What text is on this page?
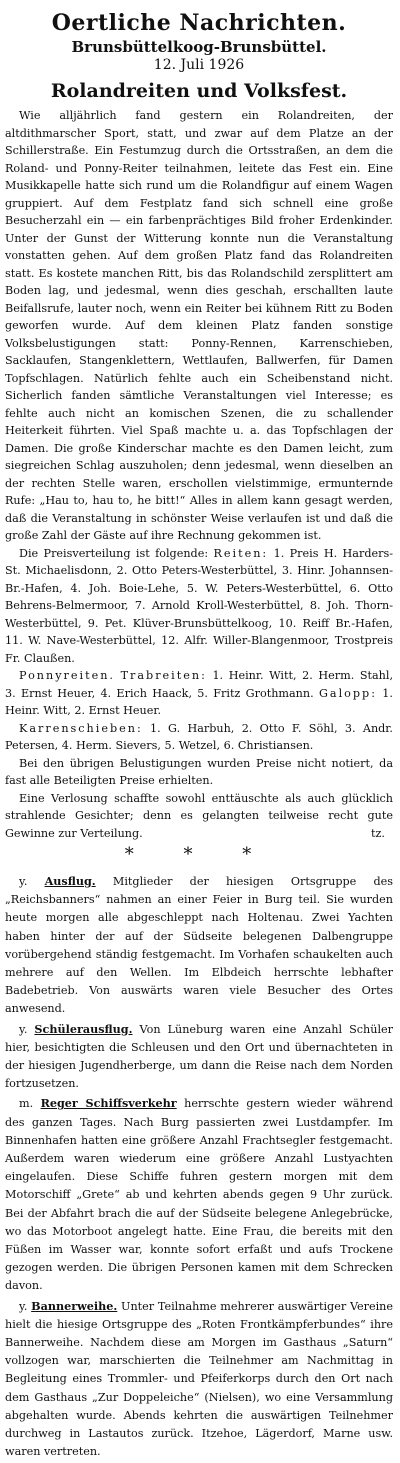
Oertliche Nachrichten.
Brunsbüttelkoog-Brunsbüttel.
12. Juli 1926
Rolandreiten und Volksfest.

Wie alljährlich fand gestern ein Rolandreiten, der altdithmarscher Sport, statt, und zwar auf dem Platze an der Schillerstraße. Ein Festumzug durch die Ortsstraßen, an dem die Roland- und Ponny-Reiter teilnahmen, leitete das Fest ein. Eine Musikkapelle hatte sich rund um die Rolandfigur auf einem Wagen gruppiert. Auf dem Festplatz fand sich schnell eine große Besucherzahl ein — ein farbenprächtiges Bild froher Erdenkinder. Unter der Gunst der Witterung konnte nun die Veranstaltung vonstatten gehen. Auf dem großen Platz fand das Rolandreiten statt. Es kostete manchen Ritt, bis das Rolandschild zersplittert am Boden lag, und jedesmal, wenn dies geschah, erschallten laute Beifallsrufe, lauter noch, wenn ein Reiter bei kühnem Ritt zu Boden geworfen wurde. Auf dem kleinen Platz fanden sonstige Volksbelustigungen statt: Ponny-Rennen, Karrenschieben, Sacklaufen, Stangenklettern, Wettlaufen, Ballwerfen, für Damen Topfschlagen. Natürlich fehlte auch ein Scheibenstand nicht. Sicherlich fanden sämtliche Veranstaltungen viel Interesse; es fehlte auch nicht an komischen Szenen, die zu schallender Heiterkeit führten. Viel Spaß machte u. a. das Topfschlagen der Damen. Die große Kinderschar machte es den Damen leicht, zum siegreichen Schlag auszuholen; denn jedesmal, wenn dieselben an der rechten Stelle waren, erschollen vielstimmige, ermunternde Rufe: „Hau to, hau to, he bitt!“ Alles in allem kann gesagt werden, daß die Veranstaltung in schönster Weise verlaufen ist und daß die große Zahl der Gäste auf ihre Rechnung gekommen ist.

Die Preisverteilung ist folgende: Reiten: 1. Preis H. Harders-St. Michaelisdonn, 2. Otto Peters-Westerbüttel, 3. Hinr. Johannsen-Br.-Hafen, 4. Joh. Boie-Lehe, 5. W. Peters-Westerbüttel, 6. Otto Behrens-Belmermoor, 7. Arnold Kroll-Westerbüttel, 8. Joh. Thorn-Westerbüttel, 9. Pet. Klüver-Brunsbüttelkoog, 10. Reiff Br.-Hafen, 11. W. Nave-Westerbüttel, 12. Alfr. Willer-Blangenmoor, Trostpreis Fr. Claußen.

Ponnyreiten. Trabreiten: 1. Heinr. Witt, 2. Herm. Stahl, 3. Ernst Heuer, 4. Erich Haack, 5. Fritz Grothmann. Galopp: 1. Heinr. Witt, 2. Ernst Heuer.

Karrenschieben: 1. G. Harbuh, 2. Otto F. Söhl, 3. Andr. Petersen, 4. Herm. Sievers, 5. Wetzel, 6. Christiansen.

Bei den übrigen Belustigungen wurden Preise nicht notiert, da fast alle Beteiligten Preise erhielten.

Eine Verlosung schaffte sowohl enttäuschte als auch glücklich strahlende Gesichter; denn es gelangten teilweise recht gute Gewinne zur Verteilung.	tz.

* * *

y. Ausflug. Mitglieder der hiesigen Ortsgruppe des „Reichsbanners“ nahmen an einer Feier in Burg teil. Sie wurden heute morgen alle abgeschleppt nach Holtenau. Zwei Yachten haben hinter der auf der Südseite belegenen Dalbengruppe vorübergehend ständig festgemacht. Im Vorhafen schaukelten auch mehrere auf den Wellen. Im Elbdeich herrschte lebhafter Badebetrieb. Von auswärts waren viele Besucher des Ortes anwesend.

y. Schülerausflug. Von Lüneburg waren eine Anzahl Schüler hier, besichtigten die Schleusen und den Ort und übernachteten in der hiesigen Jugendherberge, um dann die Reise nach dem Norden fortzusetzen.

m. Reger Schiffsverkehr herrschte gestern wieder während des ganzen Tages. Nach Burg passierten zwei Lustdampfer. Im Binnenhafen hatten eine größere Anzahl Frachtsegler festgemacht. Außerdem waren wiederum eine größere Anzahl Lustyachten eingelaufen. Diese Schiffe fuhren gestern morgen mit dem Motorschiff „Grete“ ab und kehrten abends gegen 9 Uhr zurück. Bei der Abfahrt brach die auf der Südseite belegene Anlegebrücke, wo das Motorboot angelegt hatte. Eine Frau, die bereits mit den Füßen im Wasser war, konnte sofort erfaßt und aufs Trockene gezogen werden. Die übrigen Personen kamen mit dem Schrecken davon.

y. Bannerweihe. Unter Teilnahme mehrerer auswärtiger Vereine hielt die hiesige Ortsgruppe des „Roten Frontkämpferbundes“ ihre Bannerweihe. Nachdem diese am Morgen im Gasthaus „Saturn“ vollzogen war, marschierten die Teilnehmer am Nachmittag in Begleitung eines Trommler- und Pfeiferkorps durch den Ort nach dem Gasthaus „Zur Doppeleiche“ (Nielsen), wo eine Versammlung abgehalten wurde. Abends kehrten die auswärtigen Teilnehmer durchweg in Lastautos zurück. Itzehoe, Lägerdorf, Marne usw. waren vertreten.
